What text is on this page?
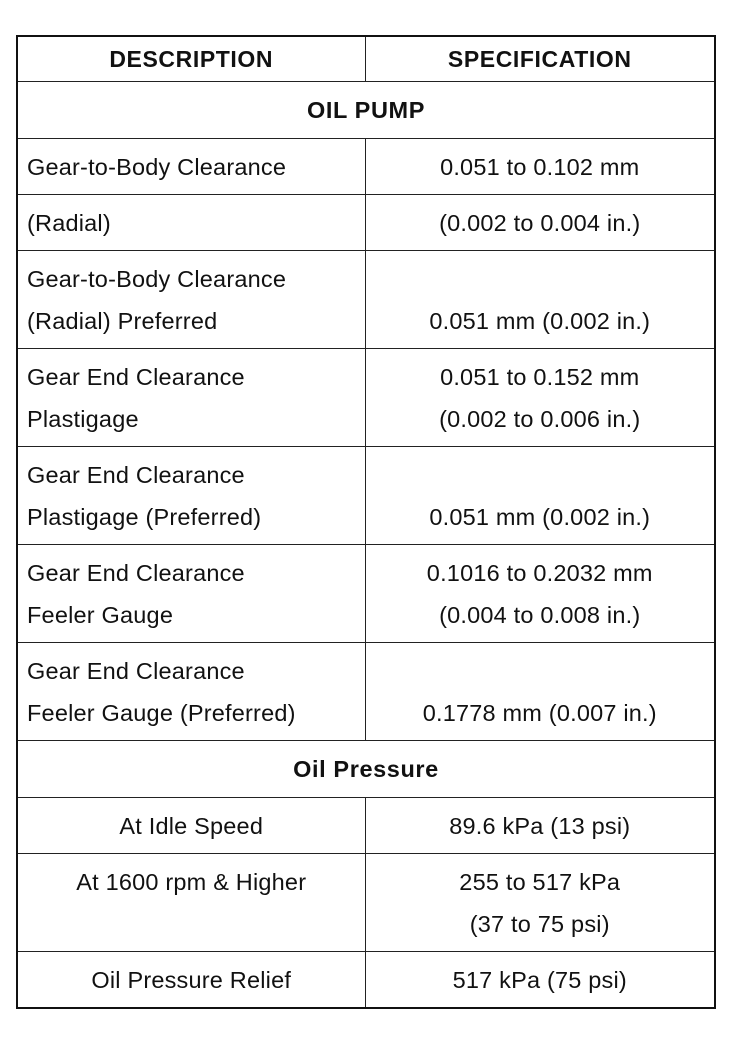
DESCRIPTION	SPECIFICATION
OIL PUMP	

Gear-to-Body Clearance	0.051 to 0.102 mm

(Radial)	(0.002 to 0.004 in.)

Gear-to-Body Clearance
(Radial) Preferred	0.051 mm (0.002 in.)

Gear End Clearance
Plastigage	0.051 to 0.152 mm
(0.002 to 0.006 in.)

Gear End Clearance
Plastigage (Preferred)	0.051 mm (0.002 in.)

Gear End Clearance
Feeler Gauge	0.1016 to 0.2032 mm
(0.004 to 0.008 in.)

Gear End Clearance
Feeler Gauge (Preferred)	0.1778 mm (0.007 in.)

Oil Pressure	

At Idle Speed	89.6 kPa (13 psi)

At 1600 rpm & Higher	255 to 517 kPa
(37 to 75 psi)

Oil Pressure Relief	517 kPa (75 psi)
